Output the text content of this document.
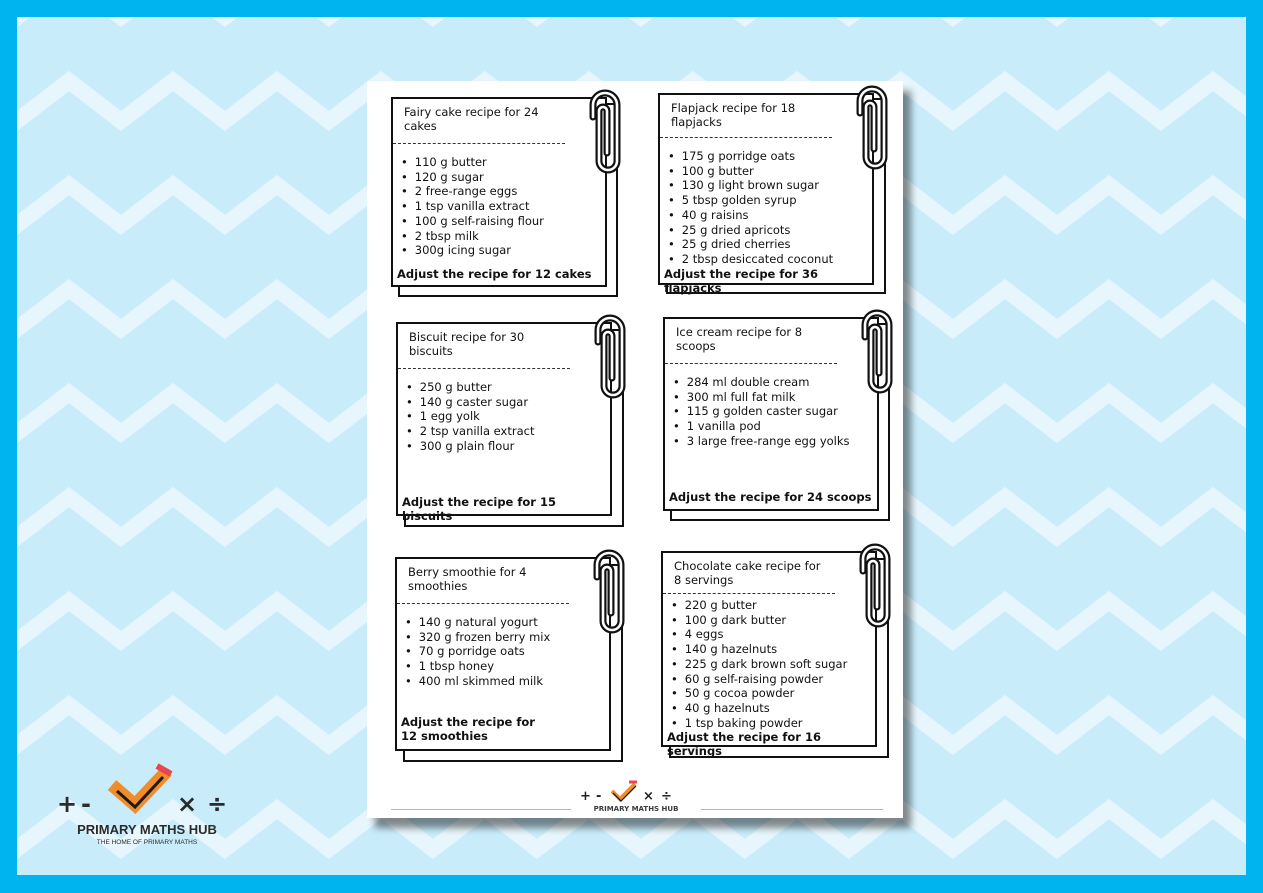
Fairy cake recipe for 24 cakes
• 110 g butter
• 120 g sugar
• 2 free-range eggs
• 1 tsp vanilla extract
• 100 g self-raising flour
• 2 tbsp milk
• 300g icing sugar
Adjust the recipe for 12 cakes
Flapjack recipe for 18 flapjacks
• 175 g porridge oats
• 100 g butter
• 130 g light brown sugar
• 5 tbsp golden syrup
• 40 g raisins
• 25 g dried apricots
• 25 g dried cherries
• 2 tbsp desiccated coconut
Adjust the recipe for 36 flapjacks
Biscuit recipe for 30 biscuits
• 250 g butter
• 140 g caster sugar
• 1 egg yolk
• 2 tsp vanilla extract
• 300 g plain flour
Adjust the recipe for 15 biscuits
Ice cream recipe for 8 scoops
• 284 ml double cream
• 300 ml full fat milk
• 115 g golden caster sugar
• 1 vanilla pod
• 3 large free-range egg yolks
Adjust the recipe for 24 scoops
Berry smoothie for 4 smoothies
• 140 g natural yogurt
• 320 g frozen berry mix
• 70 g porridge oats
• 1 tbsp honey
• 400 ml skimmed milk
Adjust the recipe for 12 smoothies
Chocolate cake recipe for 8 servings
• 220 g butter
• 100 g dark butter
• 4 eggs
• 140 g hazelnuts
• 225 g dark brown soft sugar
• 60 g self-raising powder
• 50 g cocoa powder
• 40 g hazelnuts
• 1 tsp baking powder
Adjust the recipe for 16 servings
+ -	× ÷
PRIMARY MATHS HUB
+ -	× ÷
PRIMARY MATHS HUB
THE HOME OF PRIMARY MATHS
